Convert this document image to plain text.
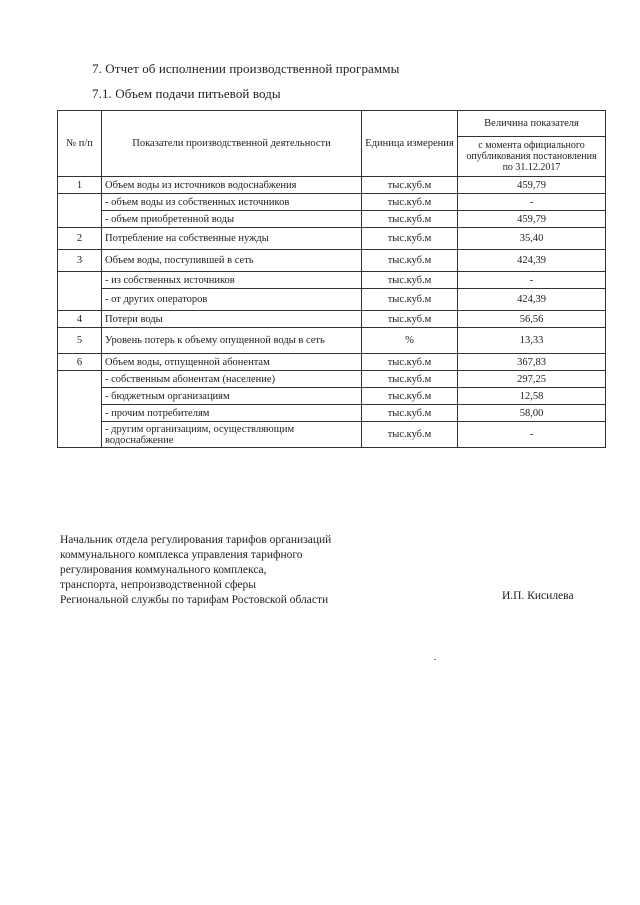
7. Отчет об исполнении производственной программы
7.1. Объем подачи питьевой воды
№ п/п	Показатели производственной деятельности	Единица измерения	Величина показателя
			с момента официального опубликования постановления по 31.12.2017
1	Объем воды из источников водоснабжения	тыс.куб.м	459,79
	- объем воды из собственных источников	тыс.куб.м	-
	- объем приобретенной воды	тыс.куб.м	459,79
2	Потребление на собственные нужды	тыс.куб.м	35,40
3	Объем воды, поступившей в сеть	тыс.куб.м	424,39
	- из собственных источников	тыс.куб.м	-
	- от других операторов	тыс.куб.м	424,39
4	Потери воды	тыс.куб.м	56,56
5	Уровень потерь к объему опущенной воды в сеть	%	13,33
6	Объем воды, отпущенной абонентам	тыс.куб.м	367,83
	- собственным абонентам (население)	тыс.куб.м	297,25
	- бюджетным организациям	тыс.куб.м	12,58
	- прочим потребителям	тыс.куб.м	58,00
	- другим организациям, осуществляющим водоснабжение	тыс.куб.м	-
Начальник отдела регулирования тарифов организаций
коммунального комплекса управления тарифного
регулирования коммунального комплекса,
транспорта, непроизводственной сферы
Региональной службы по тарифам Ростовской области	И.П. Кисилева
